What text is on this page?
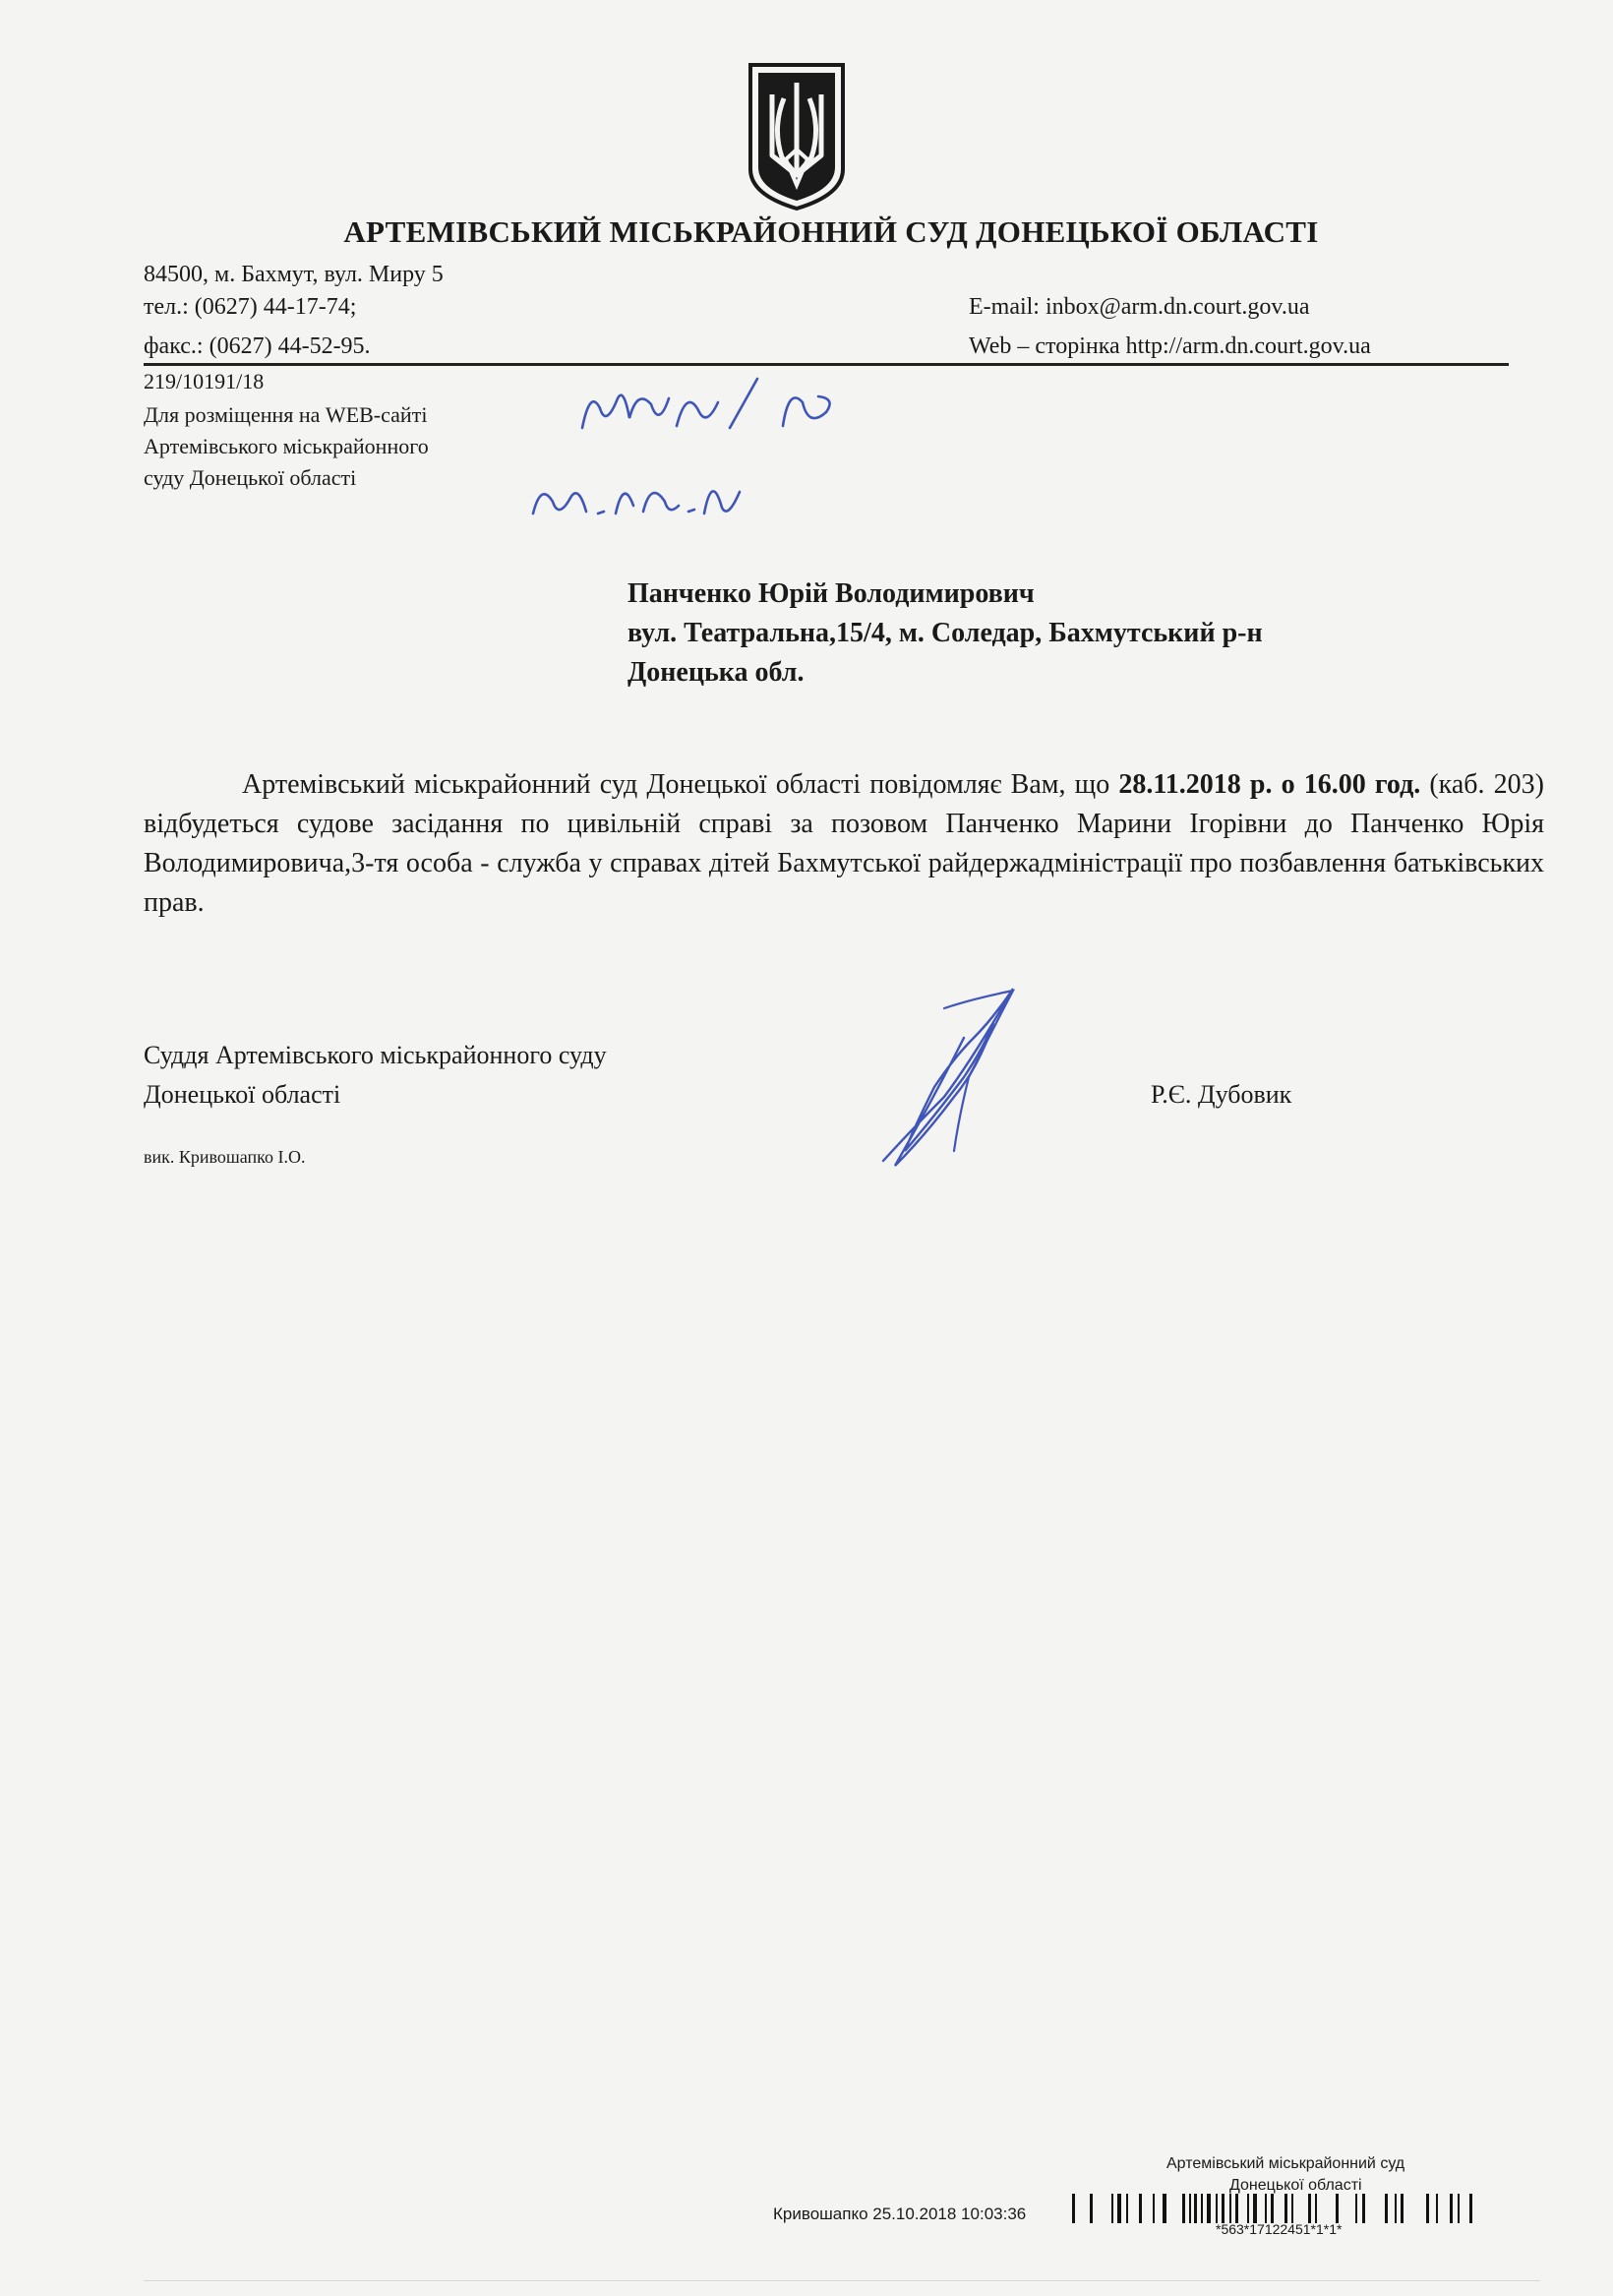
АРТЕМІВСЬКИЙ МІСЬКРАЙОННИЙ СУД ДОНЕЦЬКОЇ ОБЛАСТІ
84500, м. Бахмут, вул. Миру 5
тел.: (0627) 44-17-74;
факс.: (0627) 44-52-95.
E-mail: inbox@arm.dn.court.gov.ua
Web – сторінка http://arm.dn.court.gov.ua
219/10191/18
Для розміщення на WEB-сайті
Артемівського міськрайонного
суду Донецької області
Панченко Юрій Володимирович
вул. Театральна,15/4, м. Соледар, Бахмутський р-н
Донецька обл.
Артемівський міськрайонний суд Донецької області повідомляє Вам, що 28.11.2018 р. о 16.00 год. (каб. 203) відбудеться судове засідання по цивільній справі за позовом Панченко Марини Ігорівни до Панченко Юрія Володимировича,3-тя особа - служба у справах дітей Бахмутської райдержадміністрації про позбавлення батьківських прав.
Суддя Артемівського міськрайонного суду
Донецької області	Р.Є. Дубовик
вик. Кривошапко І.О.
Артемівський міськрайонний суд
Донецької області
Кривошапко 25.10.2018 10:03:36
*563*17122451*1*1*
